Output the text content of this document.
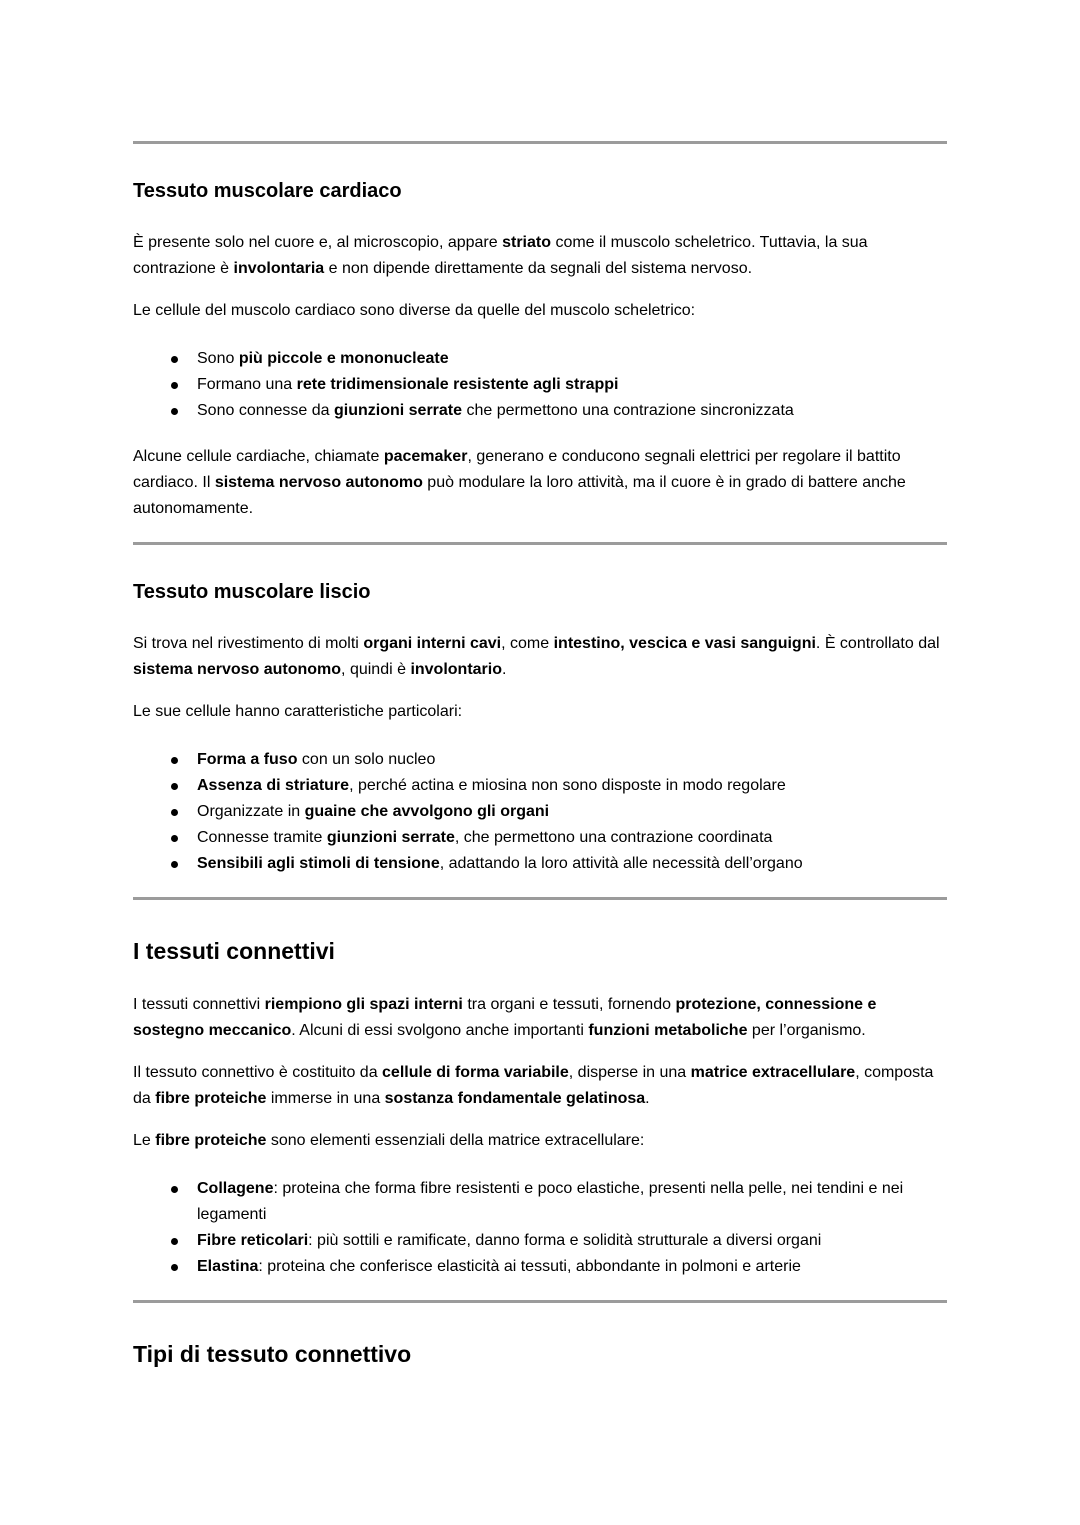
Tessuto muscolare cardiaco

È presente solo nel cuore e, al microscopio, appare striato come il muscolo scheletrico. Tuttavia, la sua contrazione è involontaria e non dipende direttamente da segnali del sistema nervoso.

Le cellule del muscolo cardiaco sono diverse da quelle del muscolo scheletrico:

Sono più piccole e mononucleate
Formano una rete tridimensionale resistente agli strappi
Sono connesse da giunzioni serrate che permettono una contrazione sincronizzata

Alcune cellule cardiache, chiamate pacemaker, generano e conducono segnali elettrici per regolare il battito cardiaco. Il sistema nervoso autonomo può modulare la loro attività, ma il cuore è in grado di battere anche autonomamente.

Tessuto muscolare liscio

Si trova nel rivestimento di molti organi interni cavi, come intestino, vescica e vasi sanguigni. È controllato dal sistema nervoso autonomo, quindi è involontario.

Le sue cellule hanno caratteristiche particolari:

Forma a fuso con un solo nucleo
Assenza di striature, perché actina e miosina non sono disposte in modo regolare
Organizzate in guaine che avvolgono gli organi
Connesse tramite giunzioni serrate, che permettono una contrazione coordinata
Sensibili agli stimoli di tensione, adattando la loro attività alle necessità dell’organo
I tessuti connettivi

I tessuti connettivi riempiono gli spazi interni tra organi e tessuti, fornendo protezione, connessione e sostegno meccanico. Alcuni di essi svolgono anche importanti funzioni metaboliche per l’organismo.

Il tessuto connettivo è costituito da cellule di forma variabile, disperse in una matrice extracellulare, composta da fibre proteiche immerse in una sostanza fondamentale gelatinosa.

Le fibre proteiche sono elementi essenziali della matrice extracellulare:

Collagene: proteina che forma fibre resistenti e poco elastiche, presenti nella pelle, nei tendini e nei legamenti
Fibre reticolari: più sottili e ramificate, danno forma e solidità strutturale a diversi organi
Elastina: proteina che conferisce elasticità ai tessuti, abbondante in polmoni e arterie
Tipi di tessuto connettivo
